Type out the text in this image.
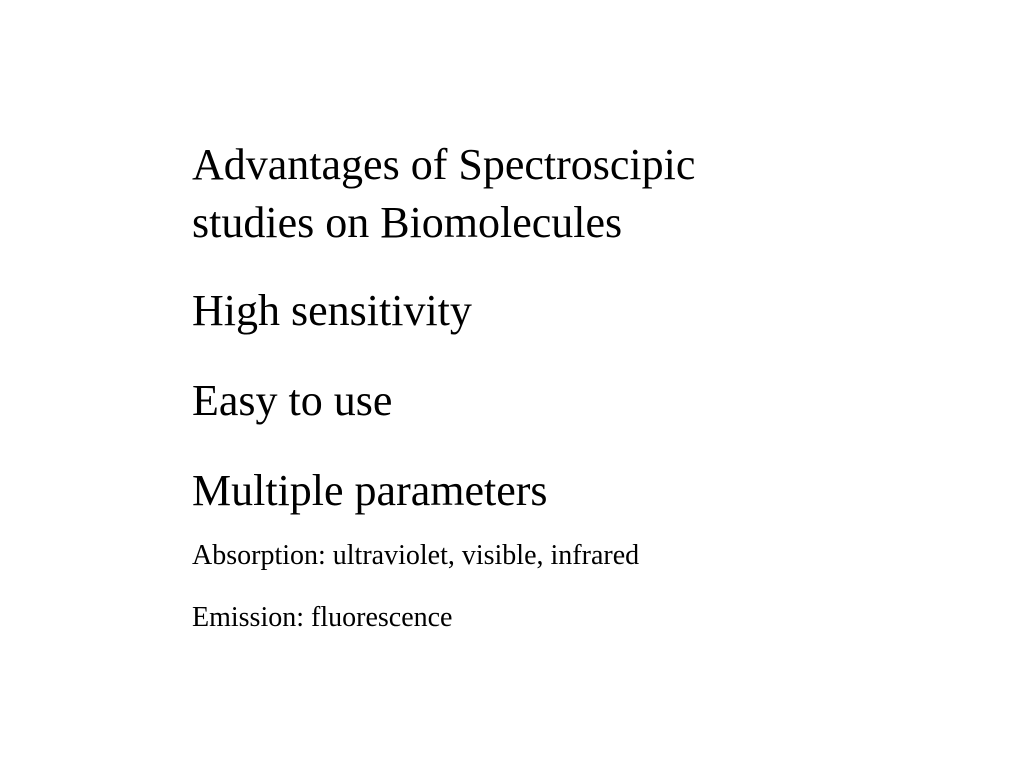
Advantages of Spectroscipic
studies on Biomolecules

High sensitivity

Easy to use

Multiple parameters

Absorption: ultraviolet, visible, infrared

Emission: fluorescence
